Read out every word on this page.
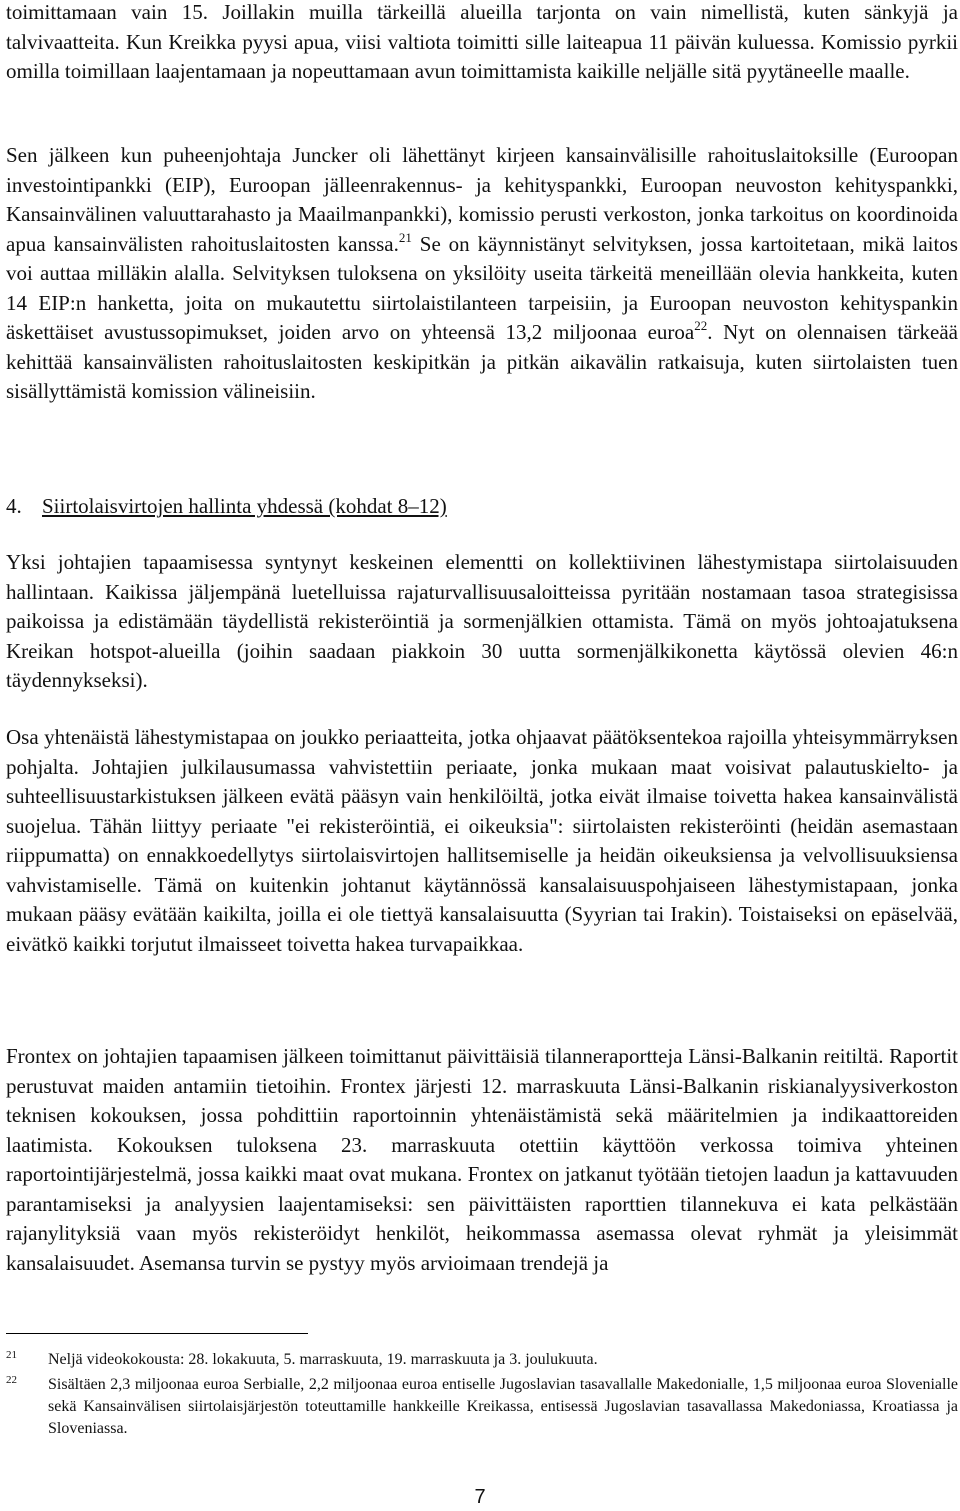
toimittamaan vain 15. Joillakin muilla tärkeillä alueilla tarjonta on vain nimellistä, kuten sänkyjä ja talvivaatteita. Kun Kreikka pyysi apua, viisi valtiota toimitti sille laiteapua 11 päivän kuluessa. Komissio pyrkii omilla toimillaan laajentamaan ja nopeuttamaan avun toimittamista kaikille neljälle sitä pyytäneelle maalle.

Sen jälkeen kun puheenjohtaja Juncker oli lähettänyt kirjeen kansainvälisille rahoituslaitoksille (Euroopan investointipankki (EIP), Euroopan jälleenrakennus- ja kehityspankki, Euroopan neuvoston kehityspankki, Kansainvälinen valuuttarahasto ja Maailmanpankki), komissio perusti verkoston, jonka tarkoitus on koordinoida apua kansainvälisten rahoituslaitosten kanssa.$^{21}$ Se on käynnistänyt selvityksen, jossa kartoitetaan, mikä laitos voi auttaa milläkin alalla. Selvityksen tuloksena on yksilöity useita tärkeitä meneillään olevia hankkeita, kuten 14 EIP:n hanketta, joita on mukautettu siirtolaistilanteen tarpeisiin, ja Euroopan neuvoston kehityspankin äskettäiset avustussopimukset, joiden arvo on yhteensä 13,2 miljoonaa euroa$^{22}$. Nyt on olennaisen tärkeää kehittää kansainvälisten rahoituslaitosten keskipitkän ja pitkän aikavälin ratkaisuja, kuten siirtolaisten tuen sisällyttämistä komission välineisiin.

4. Siirtolaisvirtojen hallinta yhdessä (kohdat 8–12)

Yksi johtajien tapaamisessa syntynyt keskeinen elementti on kollektiivinen lähestymistapa siirtolaisuuden hallintaan. Kaikissa jäljempänä luetelluissa rajaturvallisuusaloitteissa pyritään nostamaan tasoa strategisissa paikoissa ja edistämään täydellistä rekisteröintiä ja sormenjälkien ottamista. Tämä on myös johtoajatuksena Kreikan hotspot-alueilla (joihin saadaan piakkoin 30 uutta sormenjälkikonetta käytössä olevien 46:n täydennykseksi).

Osa yhtenäistä lähestymistapaa on joukko periaatteita, jotka ohjaavat päätöksentekoa rajoilla yhteisymmärryksen pohjalta. Johtajien julkilausumassa vahvistettiin periaate, jonka mukaan maat voisivat palautuskielto- ja suhteellisuustarkistuksen jälkeen evätä pääsyn vain henkilöiltä, jotka eivät ilmaise toivetta hakea kansainvälistä suojelua. Tähän liittyy periaate "ei rekisteröintiä, ei oikeuksia": siirtolaisten rekisteröinti (heidän asemastaan riippumatta) on ennakkoedellytys siirtolaisvirtojen hallitsemiselle ja heidän oikeuksiensa ja velvollisuuksiensa vahvistamiselle. Tämä on kuitenkin johtanut käytännössä kansalaisuuspohjaiseen lähestymistapaan, jonka mukaan pääsy evätään kaikilta, joilla ei ole tiettyä kansalaisuutta (Syyrian tai Irakin). Toistaiseksi on epäselvää, eivätkö kaikki torjutut ilmaisseet toivetta hakea turvapaikkaa.

Frontex on johtajien tapaamisen jälkeen toimittanut päivittäisiä tilanneraportteja Länsi-Balkanin reitiltä. Raportit perustuvat maiden antamiin tietoihin. Frontex järjesti 12. marraskuuta Länsi-Balkanin riskianalyysiverkoston teknisen kokouksen, jossa pohdittiin raportoinnin yhtenäistämistä sekä määritelmien ja indikaattoreiden laatimista. Kokouksen tuloksena 23. marraskuuta otettiin käyttöön verkossa toimiva yhteinen raportointijärjestelmä, jossa kaikki maat ovat mukana. Frontex on jatkanut työtään tietojen laadun ja kattavuuden parantamiseksi ja analyysien laajentamiseksi: sen päivittäisten raporttien tilannekuva ei kata pelkästään rajanylityksiä vaan myös rekisteröidyt henkilöt, heikommassa asemassa olevat ryhmät ja yleisimmät kansalaisuudet. Asemansa turvin se pystyy myös arvioimaan trendejä ja

21 Neljä videokokousta: 28. lokakuuta, 5. marraskuuta, 19. marraskuuta ja 3. joulukuuta.
22 Sisältäen 2,3 miljoonaa euroa Serbialle, 2,2 miljoonaa euroa entiselle Jugoslavian tasavallalle Makedonialle, 1,5 miljoonaa euroa Slovenialle sekä Kansainvälisen siirtolaisjärjestön toteuttamille hankkeille Kreikassa, entisessä Jugoslavian tasavallassa Makedoniassa, Kroatiassa ja Sloveniassa.
7
